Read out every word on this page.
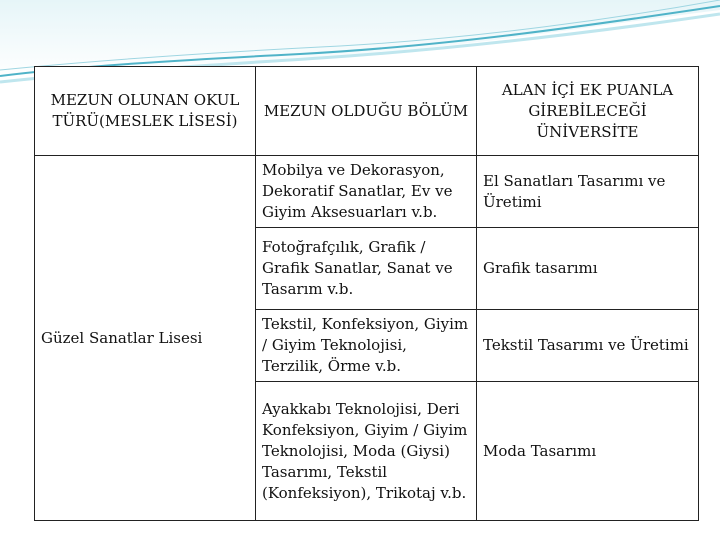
MEZUN OLUNAN OKUL TÜRÜ(MESLEK LİSESİ)	MEZUN OLDUĞU BÖLÜM	ALAN İÇİ EK PUANLA GİREBİLECEĞİ ÜNİVERSİTE
Güzel Sanatlar Lisesi	Mobilya ve Dekorasyon, Dekoratif Sanatlar, Ev ve Giyim Aksesuarları v.b.	El Sanatları Tasarımı ve Üretimi
	Fotoğrafçılık, Grafik / Grafik Sanatlar, Sanat ve Tasarım v.b.	Grafik tasarımı
	Tekstil, Konfeksiyon, Giyim / Giyim Teknolojisi, Terzilik, Örme v.b.	Tekstil Tasarımı ve Üretimi
	Ayakkabı Teknolojisi, Deri Konfeksiyon, Giyim / Giyim Teknolojisi, Moda (Giysi) Tasarımı, Tekstil (Konfeksiyon), Trikotaj v.b.	Moda Tasarımı
